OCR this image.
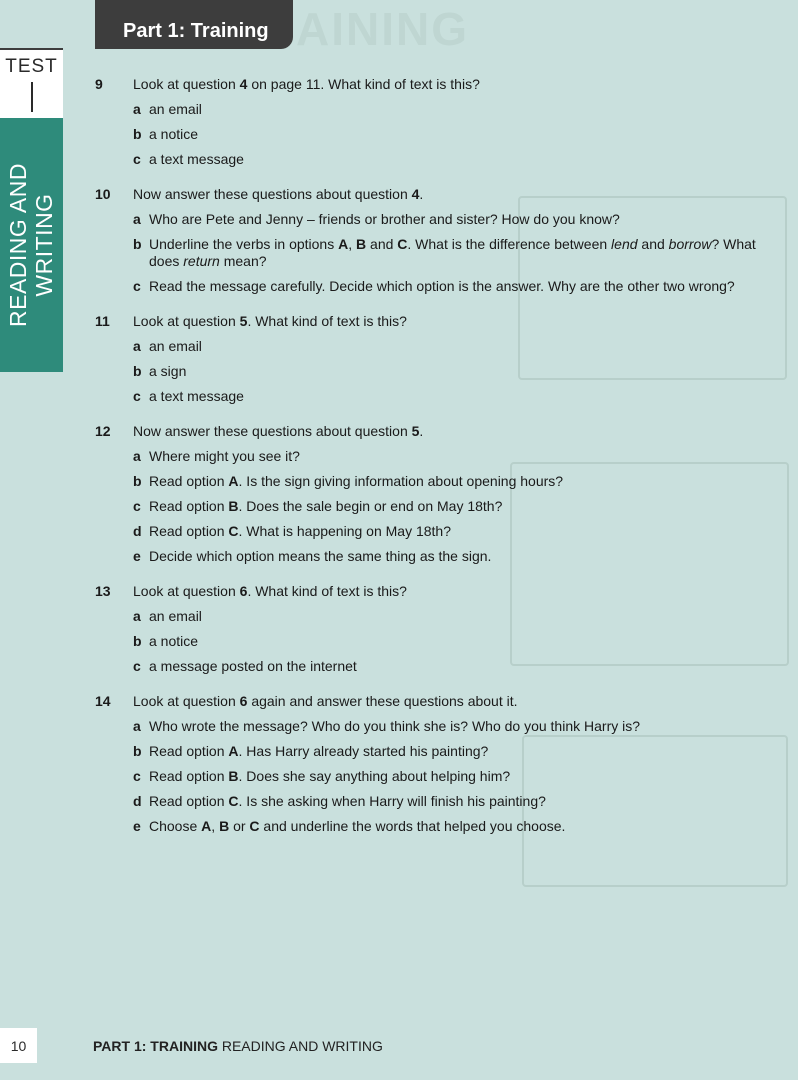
AINING
Part 1: Training
TEST
READING AND WRITING
9 Look at question 4 on page 11. What kind of text is this?
a an email
b a notice
c a text message
10 Now answer these questions about question 4.
a Who are Pete and Jenny – friends or brother and sister? How do you know?
b Underline the verbs in options A, B and C. What is the difference between lend and borrow? What does return mean?
c Read the message carefully. Decide which option is the answer. Why are the other two wrong?
11 Look at question 5. What kind of text is this?
a an email
b a sign
c a text message
12 Now answer these questions about question 5.
a Where might you see it?
b Read option A. Is the sign giving information about opening hours?
c Read option B. Does the sale begin or end on May 18th?
d Read option C. What is happening on May 18th?
e Decide which option means the same thing as the sign.
13 Look at question 6. What kind of text is this?
a an email
b a notice
c a message posted on the internet
14 Look at question 6 again and answer these questions about it.
a Who wrote the message? Who do you think she is? Who do you think Harry is?
b Read option A. Has Harry already started his painting?
c Read option B. Does she say anything about helping him?
d Read option C. Is she asking when Harry will finish his painting?
e Choose A, B or C and underline the words that helped you choose.
10	PART 1: TRAINING READING AND WRITING
